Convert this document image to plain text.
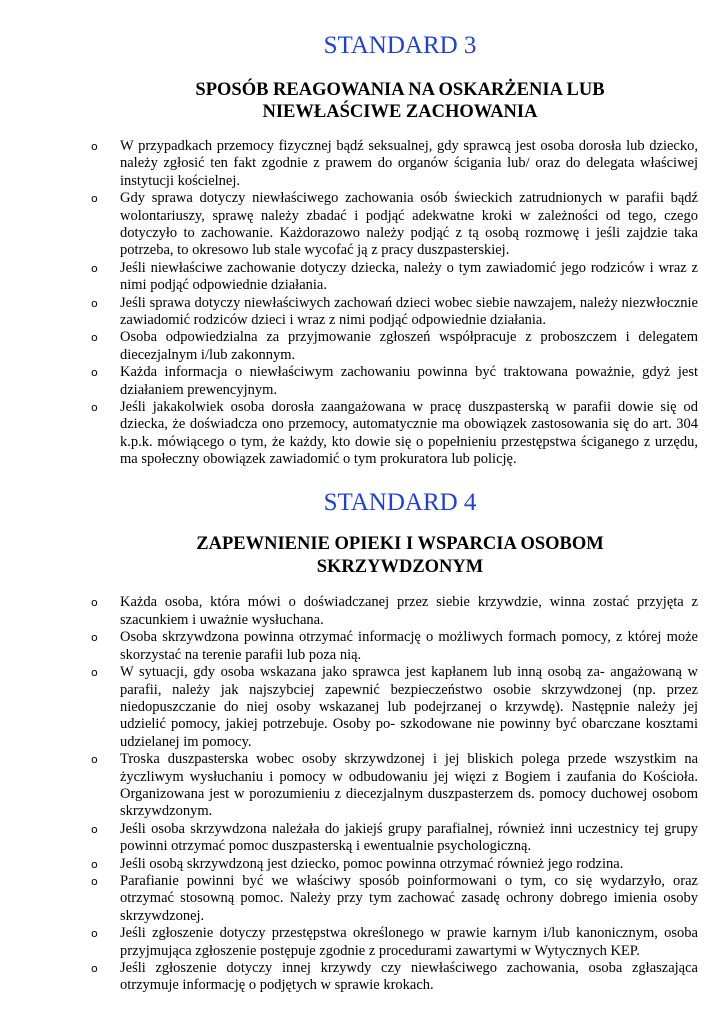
STANDARD 3
SPOSÓB REAGOWANIA NA OSKARŻENIA LUB
NIEWŁAŚCIWE ZACHOWANIA
o W przypadkach przemocy fizycznej bądź seksualnej, gdy sprawcą jest osoba dorosła lub dziecko, należy zgłosić ten fakt zgodnie z prawem do organów ścigania lub/ oraz do delegata właściwej instytucji kościelnej.
o Gdy sprawa dotyczy niewłaściwego zachowania osób świeckich zatrudnionych w parafii bądź wolontariuszy, sprawę należy zbadać i podjąć adekwatne kroki w zależności od tego, czego dotyczyło to zachowanie. Każdorazowo należy podjąć z tą osobą rozmowę i jeśli zajdzie taka potrzeba, to okresowo lub stale wycofać ją z pracy duszpasterskiej.
o Jeśli niewłaściwe zachowanie dotyczy dziecka, należy o tym zawiadomić jego rodziców i wraz z nimi podjąć odpowiednie działania.
o Jeśli sprawa dotyczy niewłaściwych zachowań dzieci wobec siebie nawzajem, należy niezwłocznie zawiadomić rodziców dzieci i wraz z nimi podjąć odpowiednie działania.
o Osoba odpowiedzialna za przyjmowanie zgłoszeń współpracuje z proboszczem i delegatem diecezjalnym i/lub zakonnym.
o Każda informacja o niewłaściwym zachowaniu powinna być traktowana poważnie, gdyż jest działaniem prewencyjnym.
o Jeśli jakakolwiek osoba dorosła zaangażowana w pracę duszpasterską w parafii dowie się od dziecka, że doświadcza ono przemocy, automatycznie ma obowiązek zastosowania się do art. 304 k.p.k. mówiącego o tym, że każdy, kto dowie się o popełnieniu przestępstwa ściganego z urzędu, ma społeczny obowiązek zawiadomić o tym prokuratora lub policję.
STANDARD 4
ZAPEWNIENIE OPIEKI I WSPARCIA OSOBOM
SKRZYWDZONYM
o Każda osoba, która mówi o doświadczanej przez siebie krzywdzie, winna zostać przyjęta z szacunkiem i uważnie wysłuchana.
o Osoba skrzywdzona powinna otrzymać informację o możliwych formach pomocy, z której może skorzystać na terenie parafii lub poza nią.
o W sytuacji, gdy osoba wskazana jako sprawca jest kapłanem lub inną osobą za- angażowaną w parafii, należy jak najszybciej zapewnić bezpieczeństwo osobie skrzywdzonej (np. przez niedopuszczanie do niej osoby wskazanej lub podejrzanej o krzywdę). Następnie należy jej udzielić pomocy, jakiej potrzebuje. Osoby po- szkodowane nie powinny być obarczane kosztami udzielanej im pomocy.
o Troska duszpasterska wobec osoby skrzywdzonej i jej bliskich polega przede wszystkim na życzliwym wysłuchaniu i pomocy w odbudowaniu jej więzi z Bogiem i zaufania do Kościoła. Organizowana jest w porozumieniu z diecezjalnym duszpasterzem ds. pomocy duchowej osobom skrzywdzonym.
o Jeśli osoba skrzywdzona należała do jakiejś grupy parafialnej, również inni uczestnicy tej grupy powinni otrzymać pomoc duszpasterską i ewentualnie psychologiczną.
o Jeśli osobą skrzywdzoną jest dziecko, pomoc powinna otrzymać również jego rodzina.
o Parafianie powinni być we właściwy sposób poinformowani o tym, co się wydarzyło, oraz otrzymać stosowną pomoc. Należy przy tym zachować zasadę ochrony dobrego imienia osoby skrzywdzonej.
o Jeśli zgłoszenie dotyczy przestępstwa określonego w prawie karnym i/lub kanonicznym, osoba przyjmująca zgłoszenie postępuje zgodnie z procedurami zawartymi w Wytycznych KEP.
o Jeśli zgłoszenie dotyczy innej krzywdy czy niewłaściwego zachowania, osoba zgłaszająca otrzymuje informację o podjętych w sprawie krokach.
